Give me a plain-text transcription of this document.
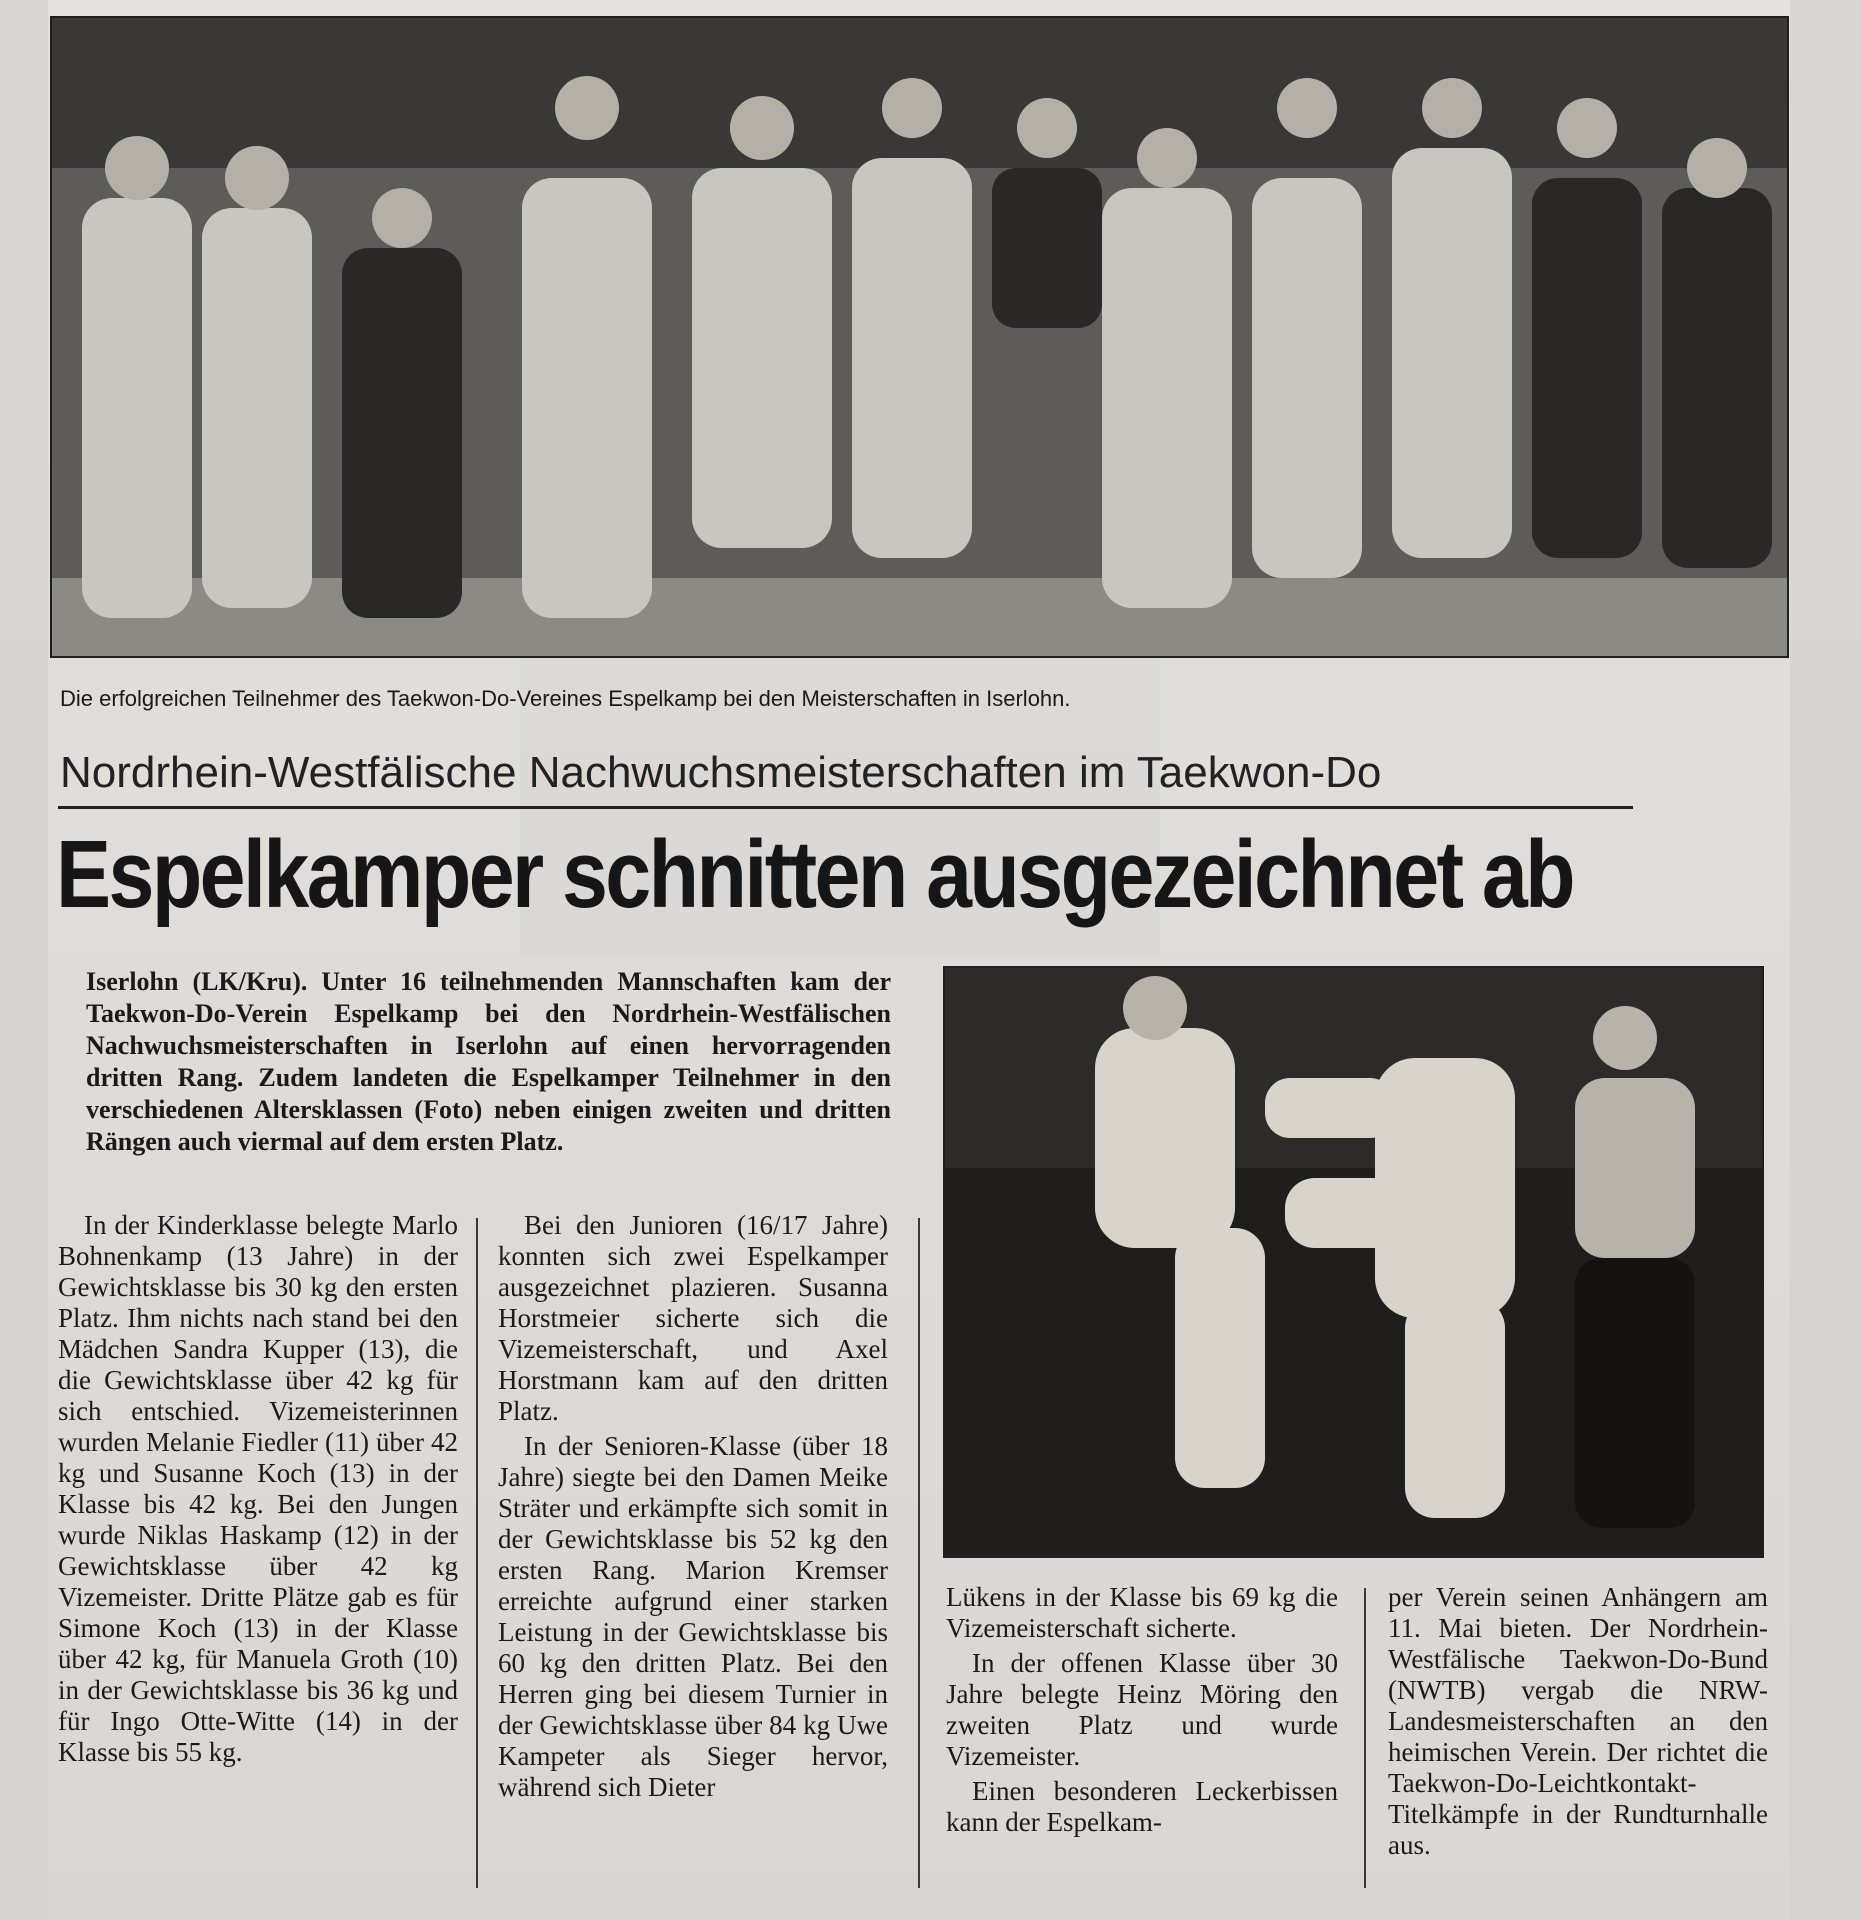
Die erfolgreichen Teilnehmer des Taekwon-Do-Vereines Espelkamp bei den Meisterschaften in Iserlohn.
Nordrhein-Westfälische Nachwuchsmeisterschaften im Taekwon-Do
Espelkamper schnitten ausgezeichnet ab
Iserlohn (LK/Kru). Unter 16 teilnehmenden Mannschaften kam der Taekwon-Do-Verein Espelkamp bei den Nordrhein-Westfälischen Nachwuchsmeisterschaften in Iserlohn auf einen hervorragenden dritten Rang. Zudem landeten die Espelkamper Teilnehmer in den verschiedenen Altersklassen (Foto) neben einigen zweiten und dritten Rängen auch viermal auf dem ersten Platz.

In der Kinderklasse belegte Marlo Bohnenkamp (13 Jahre) in der Gewichtsklasse bis 30 kg den ersten Platz. Ihm nichts nach stand bei den Mädchen Sandra Kupper (13), die die Gewichtsklasse über 42 kg für sich entschied. Vizemeisterinnen wurden Melanie Fiedler (11) über 42 kg und Susanne Koch (13) in der Klasse bis 42 kg. Bei den Jungen wurde Niklas Haskamp (12) in der Gewichtsklasse über 42 kg Vizemeister. Dritte Plätze gab es für Simone Koch (13) in der Klasse über 42 kg, für Manuela Groth (10) in der Gewichtsklasse bis 36 kg und für Ingo Otte-Witte (14) in der Klasse bis 55 kg.

Bei den Junioren (16/17 Jahre) konnten sich zwei Espelkamper ausgezeichnet plazieren. Susanna Horstmeier sicherte sich die Vizemeisterschaft, und Axel Horstmann kam auf den dritten Platz.

In der Senioren-Klasse (über 18 Jahre) siegte bei den Damen Meike Sträter und erkämpfte sich somit in der Gewichtsklasse bis 52 kg den ersten Rang. Marion Kremser erreichte aufgrund einer starken Leistung in der Gewichtsklasse bis 60 kg den dritten Platz. Bei den Herren ging bei diesem Turnier in der Gewichtsklasse über 84 kg Uwe Kampeter als Sieger hervor, während sich Dieter

Lükens in der Klasse bis 69 kg die Vizemeisterschaft sicherte.

In der offenen Klasse über 30 Jahre belegte Heinz Möring den zweiten Platz und wurde Vizemeister.

Einen besonderen Leckerbissen kann der Espelkam-

per Verein seinen Anhängern am 11. Mai bieten. Der Nordrhein-Westfälische Taekwon-Do-Bund (NWTB) vergab die NRW-Landesmeisterschaften an den heimischen Verein. Der richtet die Taekwon-Do-Leichtkontakt-Titelkämpfe in der Rundturnhalle aus.
